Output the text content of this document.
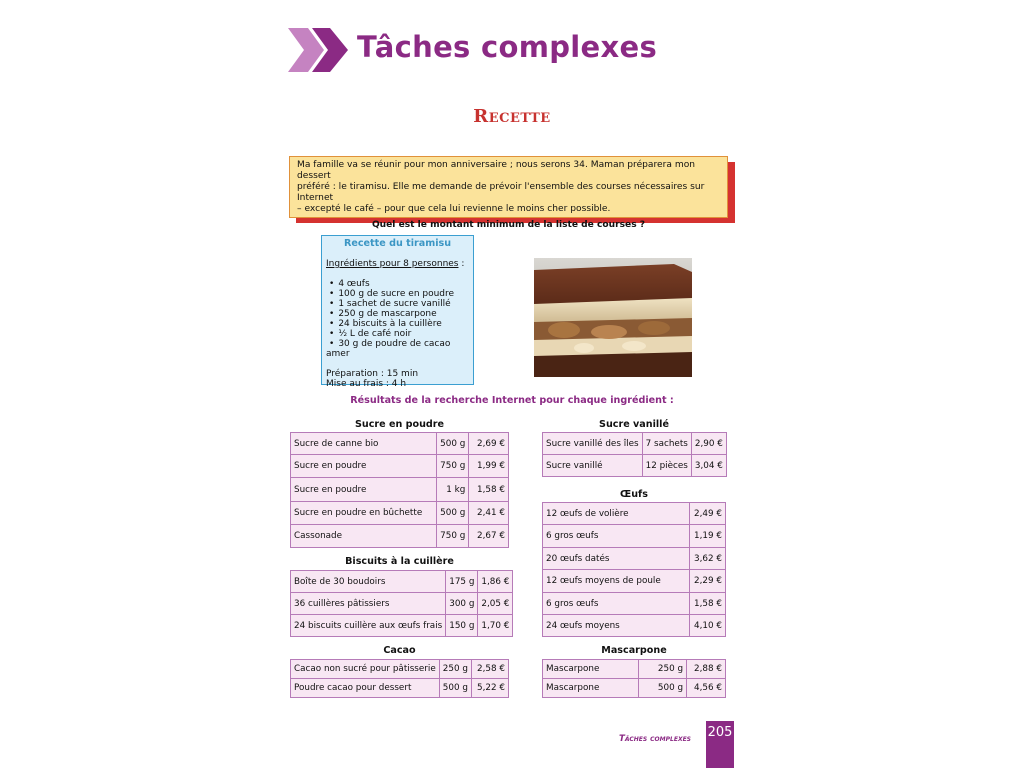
Tâches complexes
Recette
Ma famille va se réunir pour mon anniversaire ; nous serons 34. Maman préparera mon dessert
préféré : le tiramisu. Elle me demande de prévoir l'ensemble des courses nécessaires sur Internet
– excepté le café – pour que cela lui revienne le moins cher possible.
Quel est le montant minimum de la liste de courses ?
Recette du tiramisu
Ingrédients pour 8 personnes :
• 4 œufs
• 100 g de sucre en poudre
• 1 sachet de sucre vanillé
• 250 g de mascarpone
• 24 biscuits à la cuillère
• ½ L de café noir
• 30 g de poudre de cacao amer
Préparation : 15 min
Mise au frais : 4 h
Résultats de la recherche Internet pour chaque ingrédient :
Sucre en poudre
Sucre de canne bio	500 g	2,69 €
Sucre en poudre	750 g	1,99 €
Sucre en poudre	1 kg	1,58 €
Sucre en poudre en bûchette	500 g	2,41 €
Cassonade	750 g	2,67 €
Biscuits à la cuillère
Boîte de 30 boudoirs	175 g	1,86 €
36 cuillères pâtissiers	300 g	2,05 €
24 biscuits cuillère aux œufs frais	150 g	1,70 €
Cacao
Cacao non sucré pour pâtisserie	250 g	2,58 €
Poudre cacao pour dessert	500 g	5,22 €
Sucre vanillé
Sucre vanillé des îles	7 sachets	2,90 €
Sucre vanillé	12 pièces	3,04 €
Œufs
12 œufs de volière	2,49 €
6 gros œufs	1,19 €
20 œufs datés	3,62 €
12 œufs moyens de poule	2,29 €
6 gros œufs	1,58 €
24 œufs moyens	4,10 €
Mascarpone
Mascarpone	250 g	2,88 €
Mascarpone	500 g	4,56 €
Tâches complexes 205
